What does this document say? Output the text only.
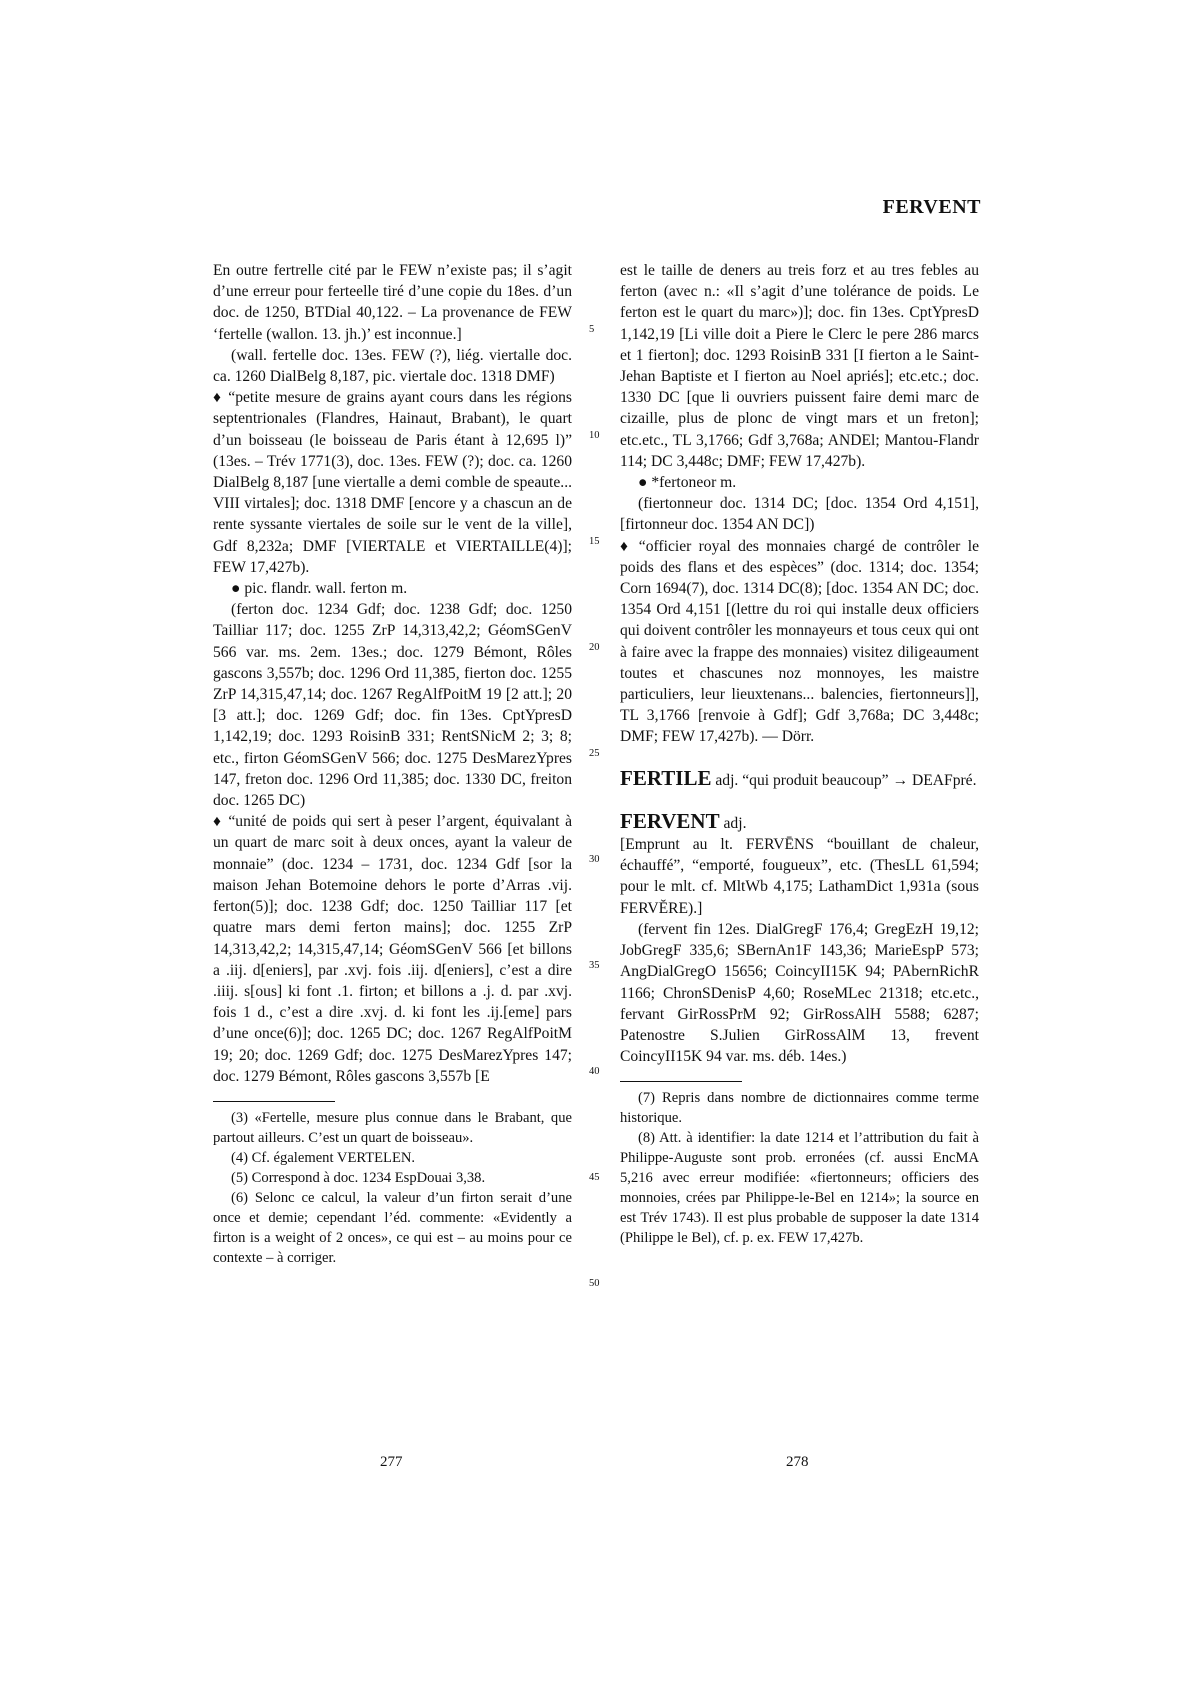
FERVENT

En outre fertrelle cité par le FEW n’existe pas; il s’agit d’une erreur pour ferteelle tiré d’une copie du 18es. d’un doc. de 1250, BTDial 40,122. – La provenance de FEW ‘fertelle (wallon. 13. jh.)’ est inconnue.]

(wall. fertelle doc. 13es. FEW (?), liég. viertalle doc. ca. 1260 DialBelg 8,187, pic. viertale doc. 1318 DMF)

♦ “petite mesure de grains ayant cours dans les régions septentrionales (Flandres, Hainaut, Brabant), le quart d’un boisseau (le boisseau de Paris étant à 12,695 l)” (13es. – Trév 1771(3), doc. 13es. FEW (?); doc. ca. 1260 DialBelg 8,187 [une viertalle a demi comble de speaute... VIII virtales]; doc. 1318 DMF [encore y a chascun an de rente syssante viertales de soile sur le vent de la ville], Gdf 8,232a; DMF [VIERTALE et VIERTAILLE(4)]; FEW 17,427b).

● pic. flandr. wall. ferton m.

(ferton doc. 1234 Gdf; doc. 1238 Gdf; doc. 1250 Tailliar 117; doc. 1255 ZrP 14,313,42,2; GéomSGenV 566 var. ms. 2em. 13es.; doc. 1279 Bémont, Rôles gascons 3,557b; doc. 1296 Ord 11,385, fierton doc. 1255 ZrP 14,315,47,14; doc. 1267 RegAlfPoitM 19 [2 att.]; 20 [3 att.]; doc. 1269 Gdf; doc. fin 13es. CptYpresD 1,142,19; doc. 1293 RoisinB 331; RentSNicM 2; 3; 8; etc., firton GéomSGenV 566; doc. 1275 DesMarezYpres 147, freton doc. 1296 Ord 11,385; doc. 1330 DC, freiton doc. 1265 DC)

♦ “unité de poids qui sert à peser l’argent, équivalant à un quart de marc soit à deux onces, ayant la valeur de monnaie” (doc. 1234 – 1731, doc. 1234 Gdf [sor la maison Jehan Botemoine dehors le porte d’Arras .vij. ferton(5)]; doc. 1238 Gdf; doc. 1250 Tailliar 117 [et quatre mars demi ferton mains]; doc. 1255 ZrP 14,313,42,2; 14,315,47,14; GéomSGenV 566 [et billons a .iij. d[eniers], par .xvj. fois .iij. d[eniers], c’est a dire .iiij. s[ous] ki font .1. firton; et billons a .j. d. par .xvj. fois 1 d., c’est a dire .xvj. d. ki font les .ij.[eme] pars d’une once(6)]; doc. 1265 DC; doc. 1267 RegAlfPoitM 19; 20; doc. 1269 Gdf; doc. 1275 DesMarezYpres 147; doc. 1279 Bémont, Rôles gascons 3,557b [E

(3) «Fertelle, mesure plus connue dans le Brabant, que partout ailleurs. C’est un quart de boisseau».

(4) Cf. également VERTELEN.

(5) Correspond à doc. 1234 EspDouai 3,38.

(6) Selonc ce calcul, la valeur d’un firton serait d’une once et demie; cependant l’éd. commente: «Evidently a firton is a weight of 2 onces», ce qui est – au moins pour ce contexte – à corriger.

5
10
15
20
25
30
35
40
45
50

est le taille de deners au treis forz et au tres febles au ferton (avec n.: «Il s’agit d’une tolérance de poids. Le ferton est le quart du marc»)]; doc. fin 13es. CptYpresD 1,142,19 [Li ville doit a Piere le Clerc le pere 286 marcs et 1 fierton]; doc. 1293 RoisinB 331 [I fierton a le Saint-Jehan Baptiste et I fierton au Noel apriés]; etc.etc.; doc. 1330 DC [que li ouvriers puissent faire demi marc de cizaille, plus de plonc de vingt mars et un freton]; etc.etc., TL 3,1766; Gdf 3,768a; ANDEl; Mantou-Flandr 114; DC 3,448c; DMF; FEW 17,427b).

● *fertoneor m.

(fiertonneur doc. 1314 DC; [doc. 1354 Ord 4,151], [firtonneur doc. 1354 AN DC])

♦ “officier royal des monnaies chargé de contrôler le poids des flans et des espèces” (doc. 1314; doc. 1354; Corn 1694(7), doc. 1314 DC(8); [doc. 1354 AN DC; doc. 1354 Ord 4,151 [(lettre du roi qui installe deux officiers qui doivent contrôler les monnayeurs et tous ceux qui ont à faire avec la frappe des monnaies) visitez diligeaument toutes et chascunes noz monnoyes, les maistre particuliers, leur lieuxtenans... balencies, fiertonneurs]], TL 3,1766 [renvoie à Gdf]; Gdf 3,768a; DC 3,448c; DMF; FEW 17,427b). — Dörr.

FERTILE adj. “qui produit beaucoup” → DEAFpré.

FERVENT adj.

[Emprunt au lt. FERVĒNS “bouillant de chaleur, échauffé”, “emporté, fougueux”, etc. (ThesLL 61,594; pour le mlt. cf. MltWb 4,175; LathamDict 1,931a (sous FERVĔRE).]

(fervent fin 12es. DialGregF 176,4; GregEzH 19,12; JobGregF 335,6; SBernAn1F 143,36; MarieEspP 573; AngDialGregO 15656; CoincyII15K 94; PAbernRichR 1166; ChronSDenisP 4,60; RoseMLec 21318; etc.etc., fervant GirRossPrM 92; GirRossAlH 5588; 6287; Patenostre S.Julien GirRossAlM 13, frevent CoincyII15K 94 var. ms. déb. 14es.)

(7) Repris dans nombre de dictionnaires comme terme historique.

(8) Att. à identifier: la date 1214 et l’attribution du fait à Philippe-Auguste sont prob. erronées (cf. aussi EncMA 5,216 avec erreur modifiée: «fiertonneurs; officiers des monnoies, crées par Philippe-le-Bel en 1214»; la source en est Trév 1743). Il est plus probable de supposer la date 1314 (Philippe le Bel), cf. p. ex. FEW 17,427b.

277	278
